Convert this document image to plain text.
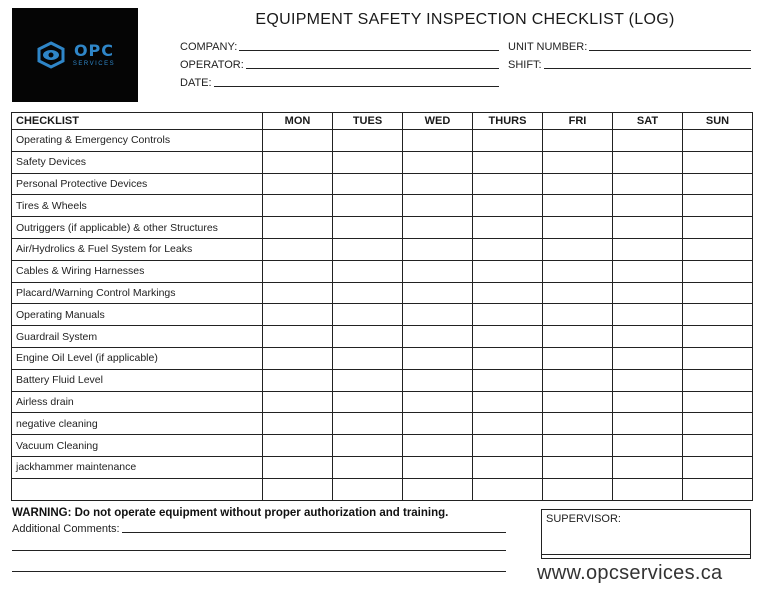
OPC
SERVICES
EQUIPMENT SAFETY INSPECTION CHECKLIST (LOG)
COMPANY:
OPERATOR:
DATE:
UNIT NUMBER:
SHIFT:
CHECKLIST	MON	TUES	WED	THURS	FRI	SAT	SUN
Operating & Emergency Controls							
Safety Devices							
Personal Protective Devices							
Tires & Wheels							
Outriggers (if applicable) & other Structures							
Air/Hydrolics & Fuel System for Leaks							
Cables & Wiring Harnesses							
Placard/Warning Control Markings							
Operating Manuals							
Guardrail System							
Engine Oil Level (if applicable)							
Battery Fluid Level							
Airless drain							
negative cleaning							
Vacuum Cleaning							
jackhammer maintenance							

WARNING: Do not operate equipment without proper authorization and training.
Additional Comments:
SUPERVISOR:
www.opcservices.ca
